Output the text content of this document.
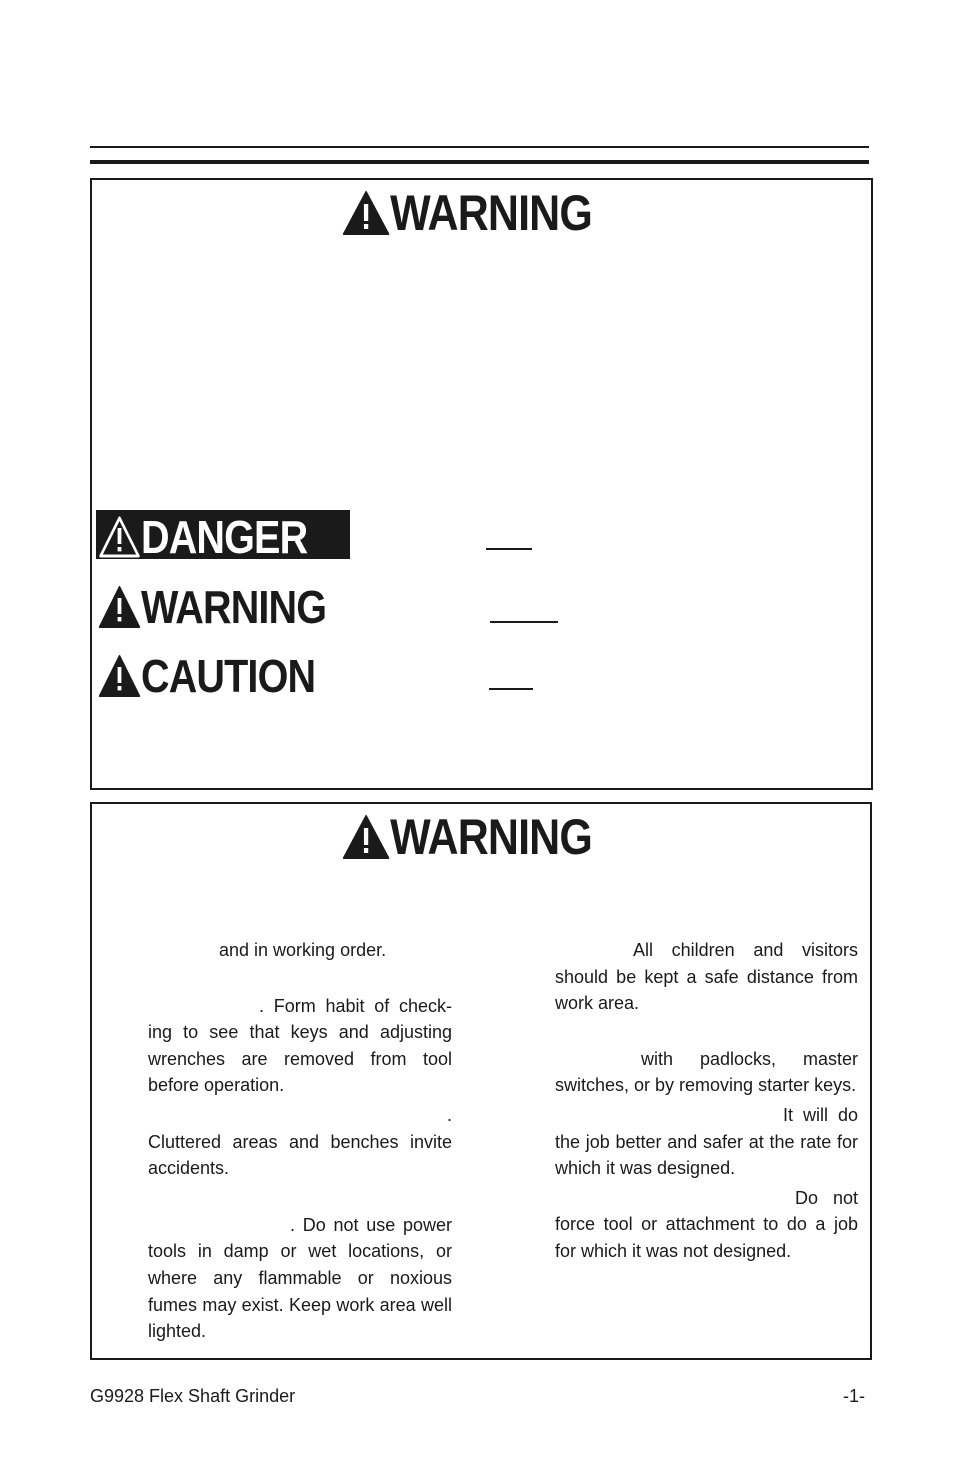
WARNING
DANGER
WARNING
CAUTION
WARNING

and in working order.

. Form habit of check-ing to see that keys and adjusting wrenches are removed from tool before operation.

.

Cluttered areas and benches invite accidents.

. Do not use power tools in damp or wet locations, or where any flammable or noxious fumes may exist. Keep work area well lighted.

All children and visitors should be kept a safe distance from work area.

with padlocks, master switches, or by removing starter keys.

It will do the job better and safer at the rate for which it was designed.

Do not force tool or attachment to do a job for which it was not designed.

G9928 Flex Shaft Grinder	-1-
